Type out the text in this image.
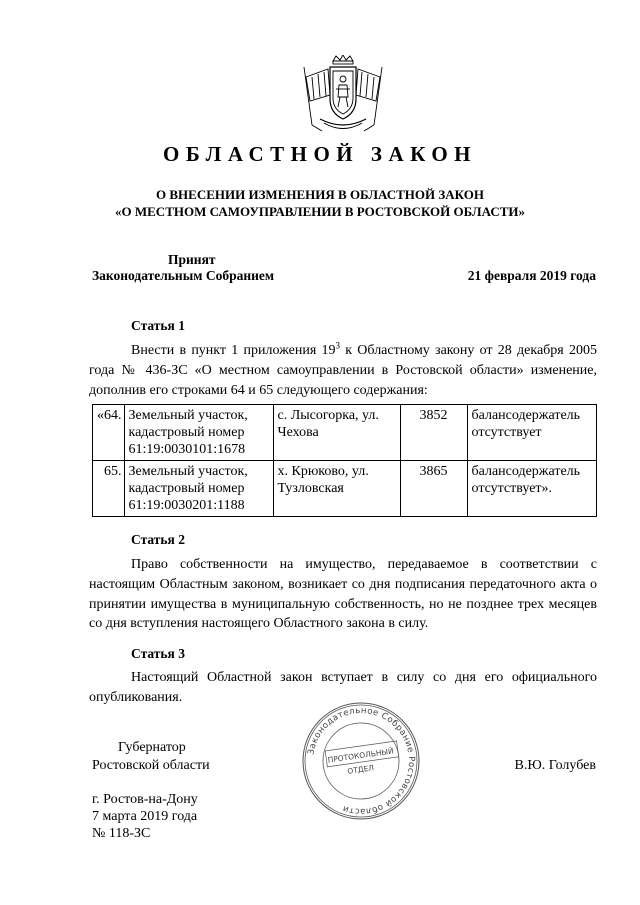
ОБЛАСТНОЙ ЗАКОН
О ВНЕСЕНИИ ИЗМЕНЕНИЯ В ОБЛАСТНОЙ ЗАКОН
«О МЕСТНОМ САМОУПРАВЛЕНИИ В РОСТОВСКОЙ ОБЛАСТИ»
Принят
Законодательным Собранием	21 февраля 2019 года
Статья 1

Внести в пункт 1 приложения $19^3$ к Областному закону от 28 декабря 2005 года № 436-ЗС «О местном самоуправлении в Ростовской области» изменение, дополнив его строками 64 и 65 следующего содержания:

«64.	Земельный участок, кадастровый номер 61:19:0030101:1678	с. Лысогорка, ул. Чехова	3852	балансодержатель отсутствует
65.	Земельный участок, кадастровый номер 61:19:0030201:1188	х. Крюково, ул. Тузловская	3865	балансодержатель отсутствует».
Статья 2

Право собственности на имущество, передаваемое в соответствии с настоящим Областным законом, возникает со дня подписания передаточного акта о принятии имущества в муниципальную собственность, но не позднее трех месяцев со дня вступления настоящего Областного закона в силу.

Статья 3

Настоящий Областной закон вступает в силу со дня его официального опубликования.

Губернатор
Ростовской области	В.Ю. Голубев
Законодательное Собрание Ростовской области
ПРОТОКОЛЬНЫЙ
ОТДЕЛ
г. Ростов-на-Дону
7 марта 2019 года
№ 118-ЗС
